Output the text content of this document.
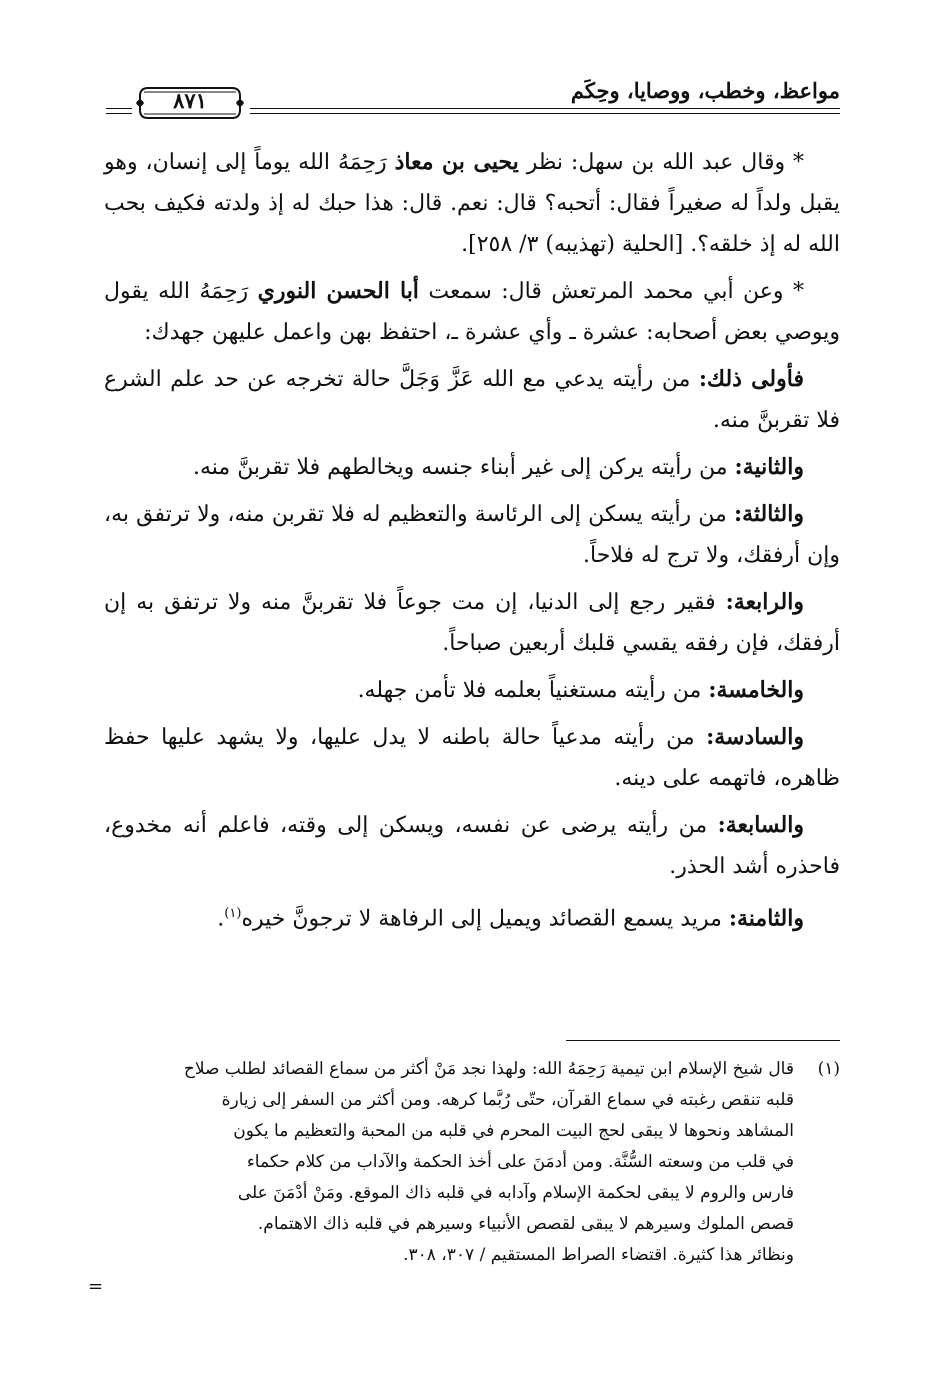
مواعظ، وخطب، ووصايا، وحِكَم
٨٧١

* وقال عبد الله بن سهل: نظر يحيى بن معاذ رَحِمَهُ الله يوماً إلى إنسان، وهو يقبل ولداً له صغيراً فقال: أتحبه؟ قال: نعم. قال: هذا حبك له إذ ولدته فكيف بحب الله له إذ خلقه؟. [الحلية (تهذيبه) ٣/ ٢٥٨].

* وعن أبي محمد المرتعش قال: سمعت أبا الحسن النوري رَحِمَهُ الله يقول ويوصي بعض أصحابه: عشرة ـ وأي عشرة ـ، احتفظ بهن واعمل عليهن جهدك:

فأولى ذلك: من رأيته يدعي مع الله عَزَّ وَجَلَّ حالة تخرجه عن حد علم الشرع فلا تقربنَّ منه.

والثانية: من رأيته يركن إلى غير أبناء جنسه ويخالطهم فلا تقربنَّ منه.

والثالثة: من رأيته يسكن إلى الرئاسة والتعظيم له فلا تقربن منه، ولا ترتفق به، وإن أرفقك، ولا ترج له فلاحاً.

والرابعة: فقير رجع إلى الدنيا، إن مت جوعاً فلا تقربنَّ منه ولا ترتفق به إن أرفقك، فإن رفقه يقسي قلبك أربعين صباحاً.

والخامسة: من رأيته مستغنياً بعلمه فلا تأمن جهله.

والسادسة: من رأيته مدعياً حالة باطنه لا يدل عليها، ولا يشهد عليها حفظ ظاهره، فاتهمه على دينه.

والسابعة: من رأيته يرضى عن نفسه، ويسكن إلى وقته، فاعلم أنه مخدوع، فاحذره أشد الحذر.

والثامنة: مريد يسمع القصائد ويميل إلى الرفاهة لا ترجونَّ خيره$^{(١)}$.

(١)
قال شيخ الإسلام ابن تيمية رَحِمَهُ الله: ولهذا نجد مَنْ أكثر من سماع القصائد لطلب صلاح
قلبه تنقص رغبته في سماع القرآن، حتّى رُبَّما كرهه. ومن أكثر من السفر إلى زيارة
المشاهد ونحوها لا يبقى لحج البيت المحرم في قلبه من المحبة والتعظيم ما يكون
في قلب من وسعته السُّنَّة. ومن أدمَنَ على أخذ الحكمة والآداب من كلام حكماء
فارس والروم لا يبقى لحكمة الإسلام وآدابه في قلبه ذاك الموقع. ومَنْ أدْمَنَ على
قصص الملوك وسيرهم لا يبقى لقصص الأنبياء وسيرهم في قلبه ذاك الاهتمام.
ونظائر هذا كثيرة. اقتضاء الصراط المستقيم / ٣٠٧، ٣٠٨.
=
